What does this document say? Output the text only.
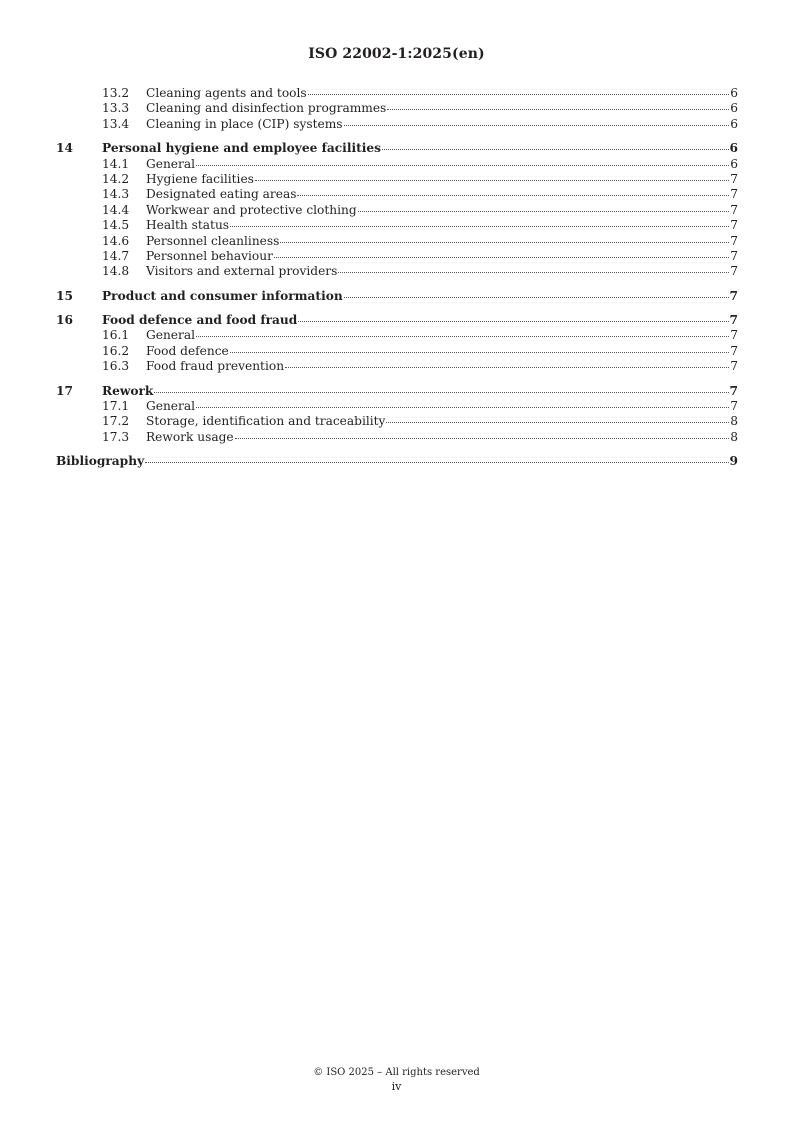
ISO 22002-1:2025(en)
13.2	Cleaning agents and tools	6
13.3	Cleaning and disinfection programmes	6
13.4	Cleaning in place (CIP) systems	6
14	Personal hygiene and employee facilities	6
14.1	General	6
14.2	Hygiene facilities	7
14.3	Designated eating areas	7
14.4	Workwear and protective clothing	7
14.5	Health status	7
14.6	Personnel cleanliness	7
14.7	Personnel behaviour	7
14.8	Visitors and external providers	7
15	Product and consumer information	7
16	Food defence and food fraud	7
16.1	General	7
16.2	Food defence	7
16.3	Food fraud prevention	7
17	Rework	7
17.1	General	7
17.2	Storage, identification and traceability	8
17.3	Rework usage	8
Bibliography	9
© ISO 2025 – All rights reserved
iv
